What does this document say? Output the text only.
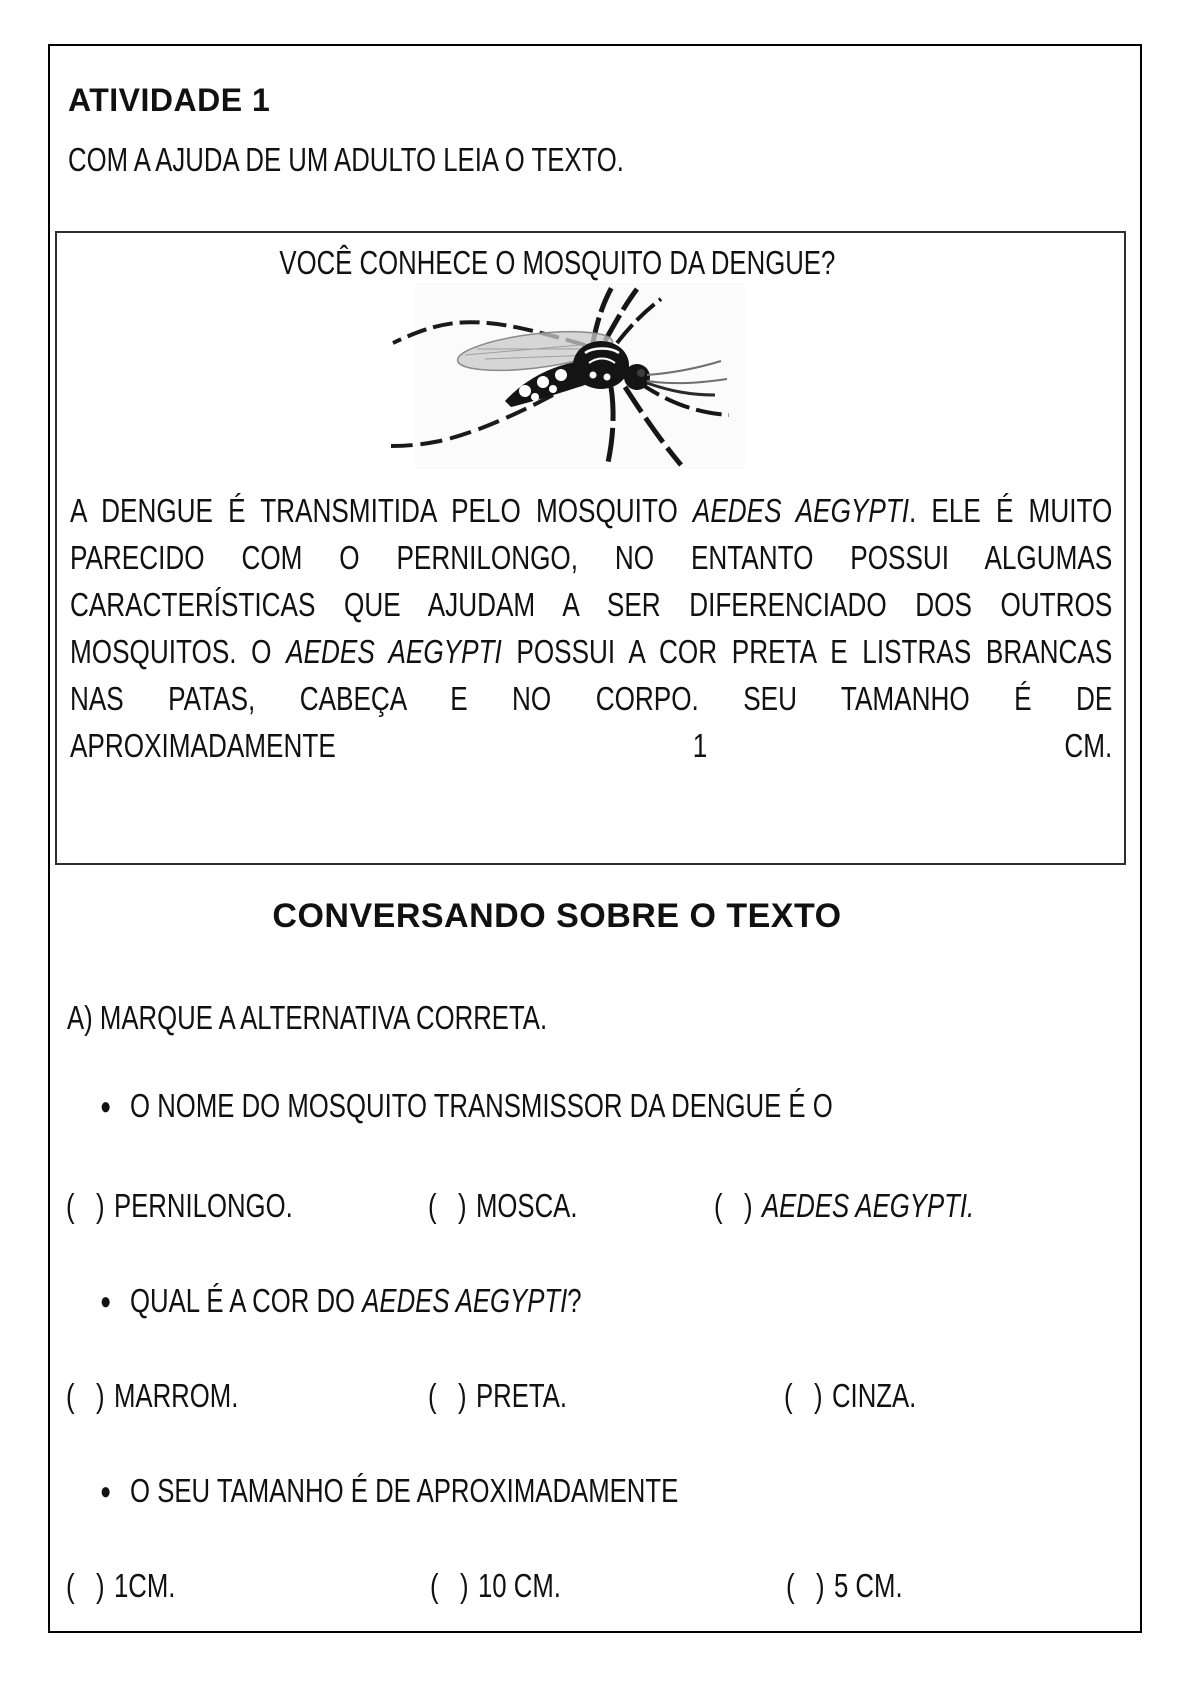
ATIVIDADE 1
COM A AJUDA DE UM ADULTO LEIA O TEXTO.
VOCÊ CONHECE O MOSQUITO DA DENGUE?
A DENGUE É TRANSMITIDA PELO MOSQUITO AEDES AEGYPTI. ELE É MUITO
PARECIDO COM O PERNILONGO, NO ENTANTO POSSUI ALGUMAS
CARACTERÍSTICAS QUE AJUDAM A SER DIFERENCIADO DOS OUTROS
MOSQUITOS. O AEDES AEGYPTI POSSUI A COR PRETA E LISTRAS BRANCAS
NAS PATAS, CABEÇA E NO CORPO. SEU TAMANHO É DE
APROXIMADAMENTE 1 CM.
CONVERSANDO SOBRE O TEXTO
A) MARQUE A ALTERNATIVA CORRETA.
● O NOME DO MOSQUITO TRANSMISSOR DA DENGUE É O
(   ) PERNILONGO.	(   ) MOSCA.	(   ) AEDES AEGYPTI.
● QUAL É A COR DO AEDES AEGYPTI?
(   ) MARROM.	(   ) PRETA.	(   ) CINZA.
● O SEU TAMANHO É DE APROXIMADAMENTE
(   ) 1CM.	(   ) 10 CM.	(   ) 5 CM.
